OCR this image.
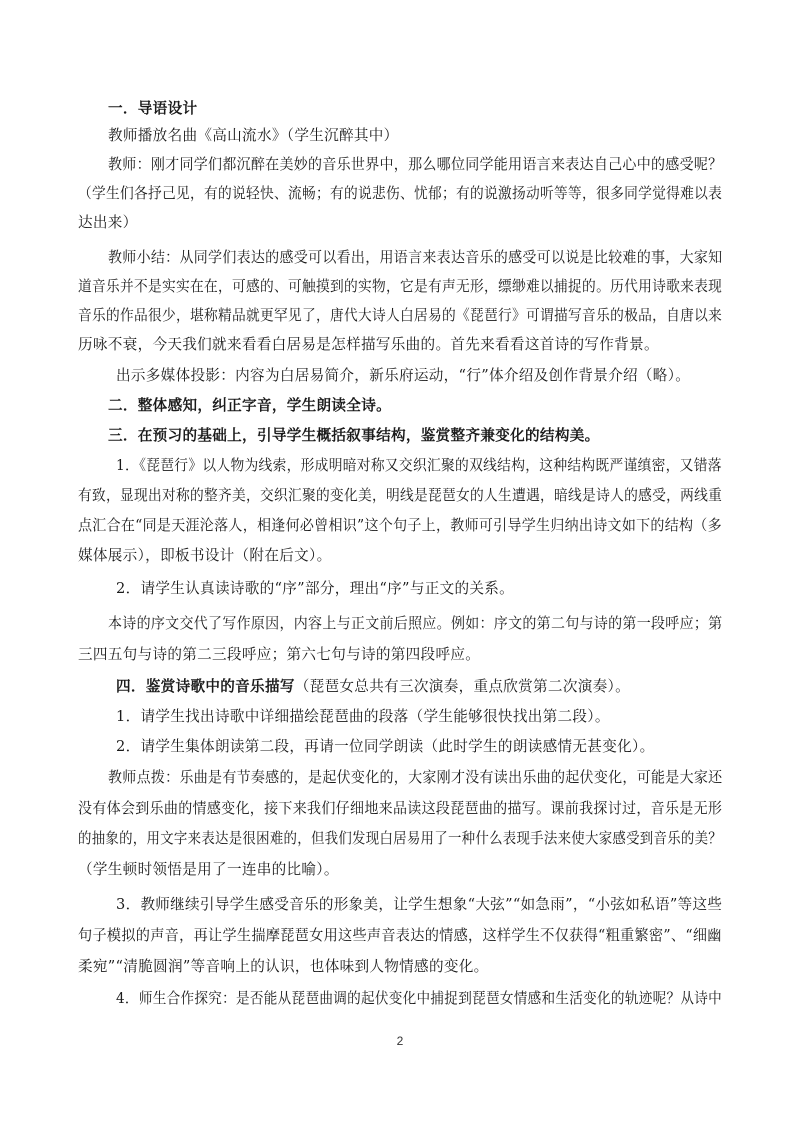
一．导语设计
教师播放名曲《高山流水》（学生沉醉其中）
教师：刚才同学们都沉醉在美妙的音乐世界中，那么哪位同学能用语言来表达自己心中的感受呢？
（学生们各抒己见，有的说轻快、流畅；有的说悲伤、忧郁；有的说激扬动听等等，很多同学觉得难以表
达出来）
教师小结：从同学们表达的感受可以看出，用语言来表达音乐的感受可以说是比较难的事，大家知
道音乐并不是实实在在，可感的、可触摸到的实物，它是有声无形，缥缈难以捕捉的。历代用诗歌来表现
音乐的作品很少，堪称精品就更罕见了，唐代大诗人白居易的《琵琶行》可谓描写音乐的极品，自唐以来
历咏不衰，今天我们就来看看白居易是怎样描写乐曲的。首先来看看这首诗的写作背景。
出示多媒体投影：内容为白居易简介，新乐府运动，“行”体介绍及创作背景介绍（略）。
二．整体感知，纠正字音，学生朗读全诗。
三．在预习的基础上，引导学生概括叙事结构，鉴赏整齐兼变化的结构美。
1．《琵琶行》以人物为线索，形成明暗对称又交织汇聚的双线结构，这种结构既严谨缜密，又错落
有致，显现出对称的整齐美，交织汇聚的变化美，明线是琵琶女的人生遭遇，暗线是诗人的感受，两线重
点汇合在“同是天涯沦落人，相逢何必曾相识”这个句子上，教师可引导学生归纳出诗文如下的结构（多
媒体展示），即板书设计（附在后文）。
2．请学生认真读诗歌的“序”部分，理出“序”与正文的关系。
本诗的序文交代了写作原因，内容上与正文前后照应。例如：序文的第二句与诗的第一段呼应；第
三四五句与诗的第二三段呼应；第六七句与诗的第四段呼应。
四．鉴赏诗歌中的音乐描写（琵琶女总共有三次演奏，重点欣赏第二次演奏）。
1．请学生找出诗歌中详细描绘琵琶曲的段落（学生能够很快找出第二段）。
2．请学生集体朗读第二段，再请一位同学朗读（此时学生的朗读感情无甚变化）。
教师点拨：乐曲是有节奏感的，是起伏变化的，大家刚才没有读出乐曲的起伏变化，可能是大家还
没有体会到乐曲的情感变化，接下来我们仔细地来品读这段琵琶曲的描写。课前我探讨过，音乐是无形
的抽象的，用文字来表达是很困难的，但我们发现白居易用了一种什么表现手法来使大家感受到音乐的美？
（学生顿时领悟是用了一连串的比喻）。
3．教师继续引导学生感受音乐的形象美，让学生想象“大弦”“如急雨”，“小弦如私语”等这些
句子模拟的声音，再让学生揣摩琵琶女用这些声音表达的情感，这样学生不仅获得“粗重繁密”、“细幽
柔宛”“清脆圆润”等音响上的认识，也体味到人物情感的变化。
4．师生合作探究：是否能从琵琶曲调的起伏变化中捕捉到琵琶女情感和生活变化的轨迹呢？从诗中
2
